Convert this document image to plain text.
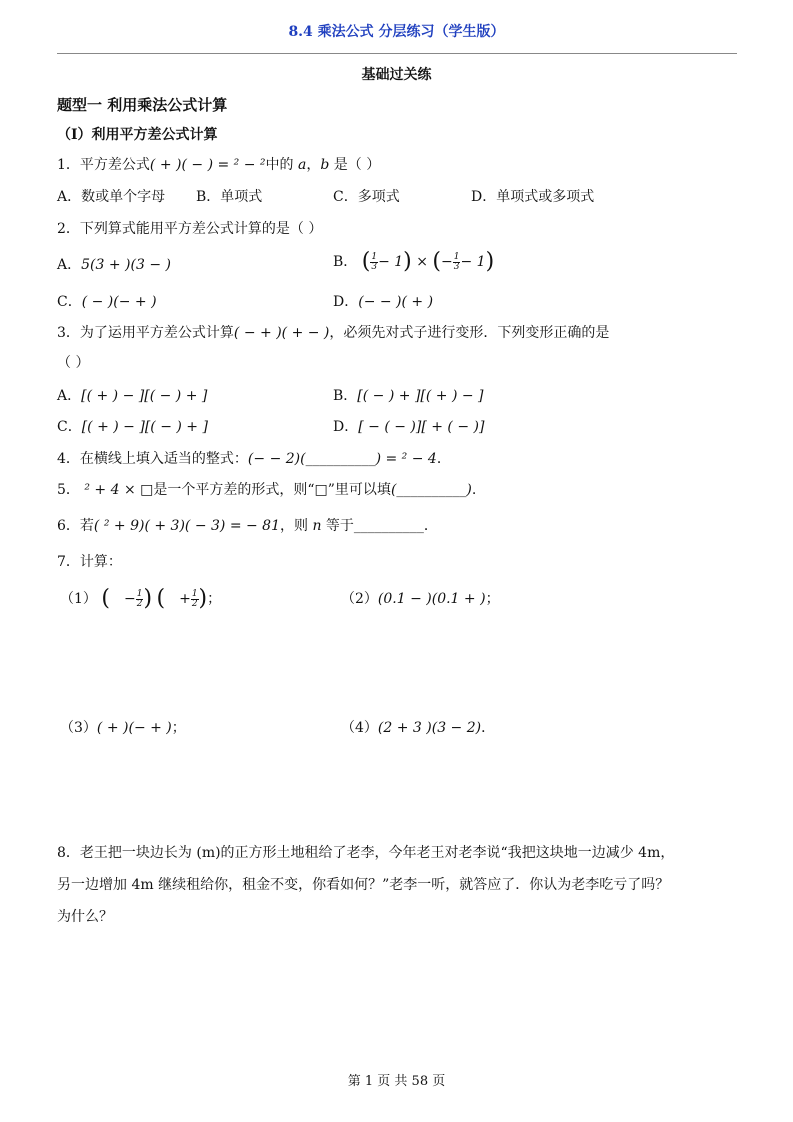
8.4 乘法公式 分层练习（学生版）
基础过关练
题型一 利用乘法公式计算
（Ⅰ）利用平方差公式计算
1．平方差公式( + )( − ) = ² − ²中的 a，b 是（ ）
A．数或单个字母 B．单项式	C．多项式	D．单项式或多项式
2．下列算式能用平方差公式计算的是（ ）
A．5(3 + )(3 − )	B． ( $\frac{1}{3} - 1$) × (− $\frac{1}{3} - 1$)
C．( − )(− + )	D．(− − )( + )
3．为了运用平方差公式计算( − + )( + − )，必须先对式子进行变形．下列变形正确的是
（ ）
A．[( + ) − ][( − ) + ]	B．[( − ) + ][( + ) − ]
C．[( + ) − ][( − ) + ]	D．[ − ( − )][ + ( − )]
4．在横线上填入适当的整式：(− − 2)(__________) = ² − 4．
5． ² + 4 × □是一个平方差的形式，则“□”里可以填(__________).
6．若( ² + 9)( + 3)( − 3) = − 81，则 n 等于__________．
7．计算：
（1） ( − $\frac{1}{2}$ ) ( + $\frac{1}{2}$ )；	（2）(0.1 − )(0.1 + )；
（3）( + )(− + )；	（4）(2 + 3 )(3 − 2)．
8．老王把一块边长为 (m)的正方形土地租给了老李，今年老王对老李说“我把这块地一边减少 4m，
另一边增加 4m 继续租给你，租金不变，你看如何？”老李一听，就答应了．你认为老李吃亏了吗？
为什么？
第 1 页 共 58 页
